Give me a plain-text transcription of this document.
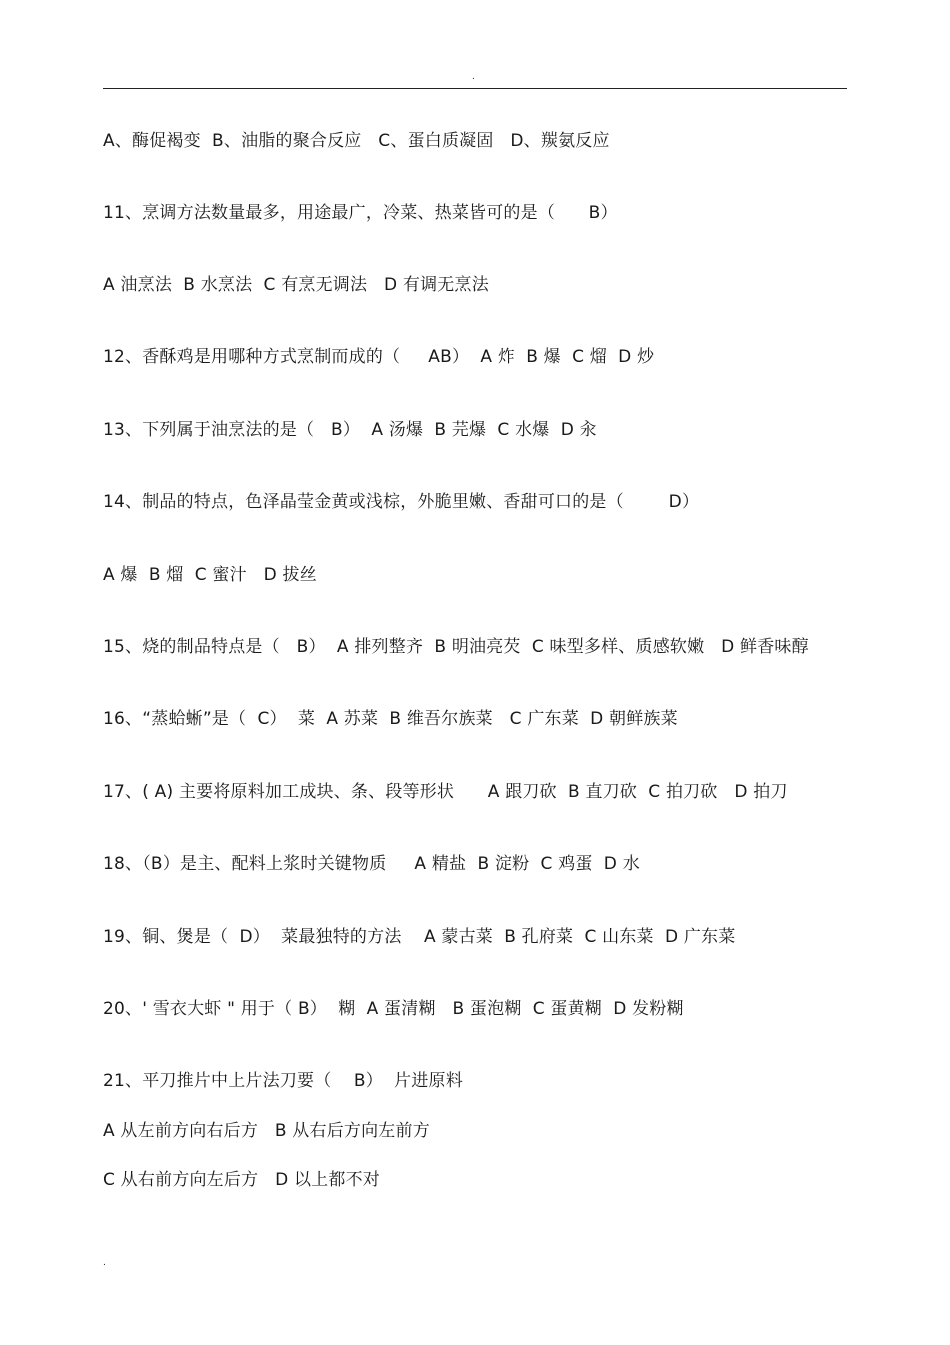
.
A、酶促褐变  B、油脂的聚合反应   C、蛋白质凝固   D、羰氨反应
11、烹调方法数量最多，用途最广，冷菜、热菜皆可的是（      B）
A 油烹法  B 水烹法  C 有烹无调法   D 有调无烹法
12、香酥鸡是用哪种方式烹制而成的（     AB）  A 炸  B 爆  C 熘  D 炒
13、下列属于油烹法的是（   B）  A 汤爆  B 芫爆  C 水爆  D 汆
14、制品的特点，色泽晶莹金黄或浅棕，外脆里嫩、香甜可口的是（        D）
A 爆  B 熘  C 蜜汁   D 拔丝
15、烧的制品特点是（   B）  A 排列整齐  B 明油亮芡  C 味型多样、质感软嫩   D 鲜香味醇
16、“蒸蛤蜥”是（  C）  菜  A 苏菜  B 维吾尔族菜   C 广东菜  D 朝鲜族菜
17、( A) 主要将原料加工成块、条、段等形状      A 跟刀砍  B 直刀砍  C 拍刀砍   D 拍刀
18、（B）是主、配料上浆时关键物质     A 精盐  B 淀粉  C 鸡蛋  D 水
19、铜、煲是（  D）  菜最独特的方法    A 蒙古菜  B 孔府菜  C 山东菜  D 广东菜
20、' 雪衣大虾 " 用于（ B）  糊  A 蛋清糊   B 蛋泡糊  C 蛋黄糊  D 发粉糊
21、平刀推片中上片法刀要（    B）  片进原料
A 从左前方向右后方   B 从右后方向左前方
C 从右前方向左后方   D 以上都不对
.
